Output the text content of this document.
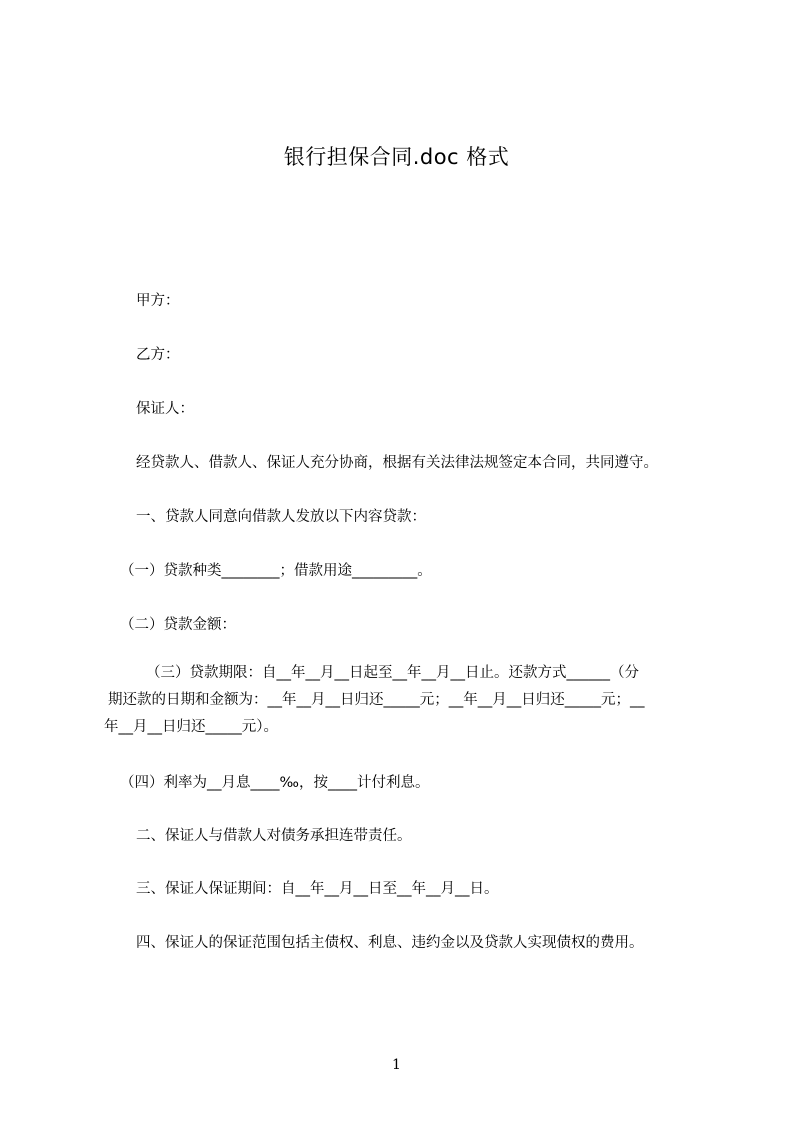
银行担保合同.doc 格式
甲方：
乙方：
保证人：
经贷款人、借款人、保证人充分协商，根据有关法律法规签定本合同，共同遵守。
一、贷款人同意向借款人发放以下内容贷款：
（一）贷款种类________；借款用途_________。
（二）贷款金额：
（三）贷款期限：自__年__月__日起至__年__月__日止。还款方式______（分
期还款的日期和金额为：__年__月__日归还_____元；__年__月__日归还_____元；__
年__月__日归还_____元）。
（四）利率为__月息____‰，按____计付利息。
二、保证人与借款人对债务承担连带责任。
三、保证人保证期间：自__年__月__日至__年__月__日。
四、保证人的保证范围包括主债权、利息、违约金以及贷款人实现债权的费用。
1
